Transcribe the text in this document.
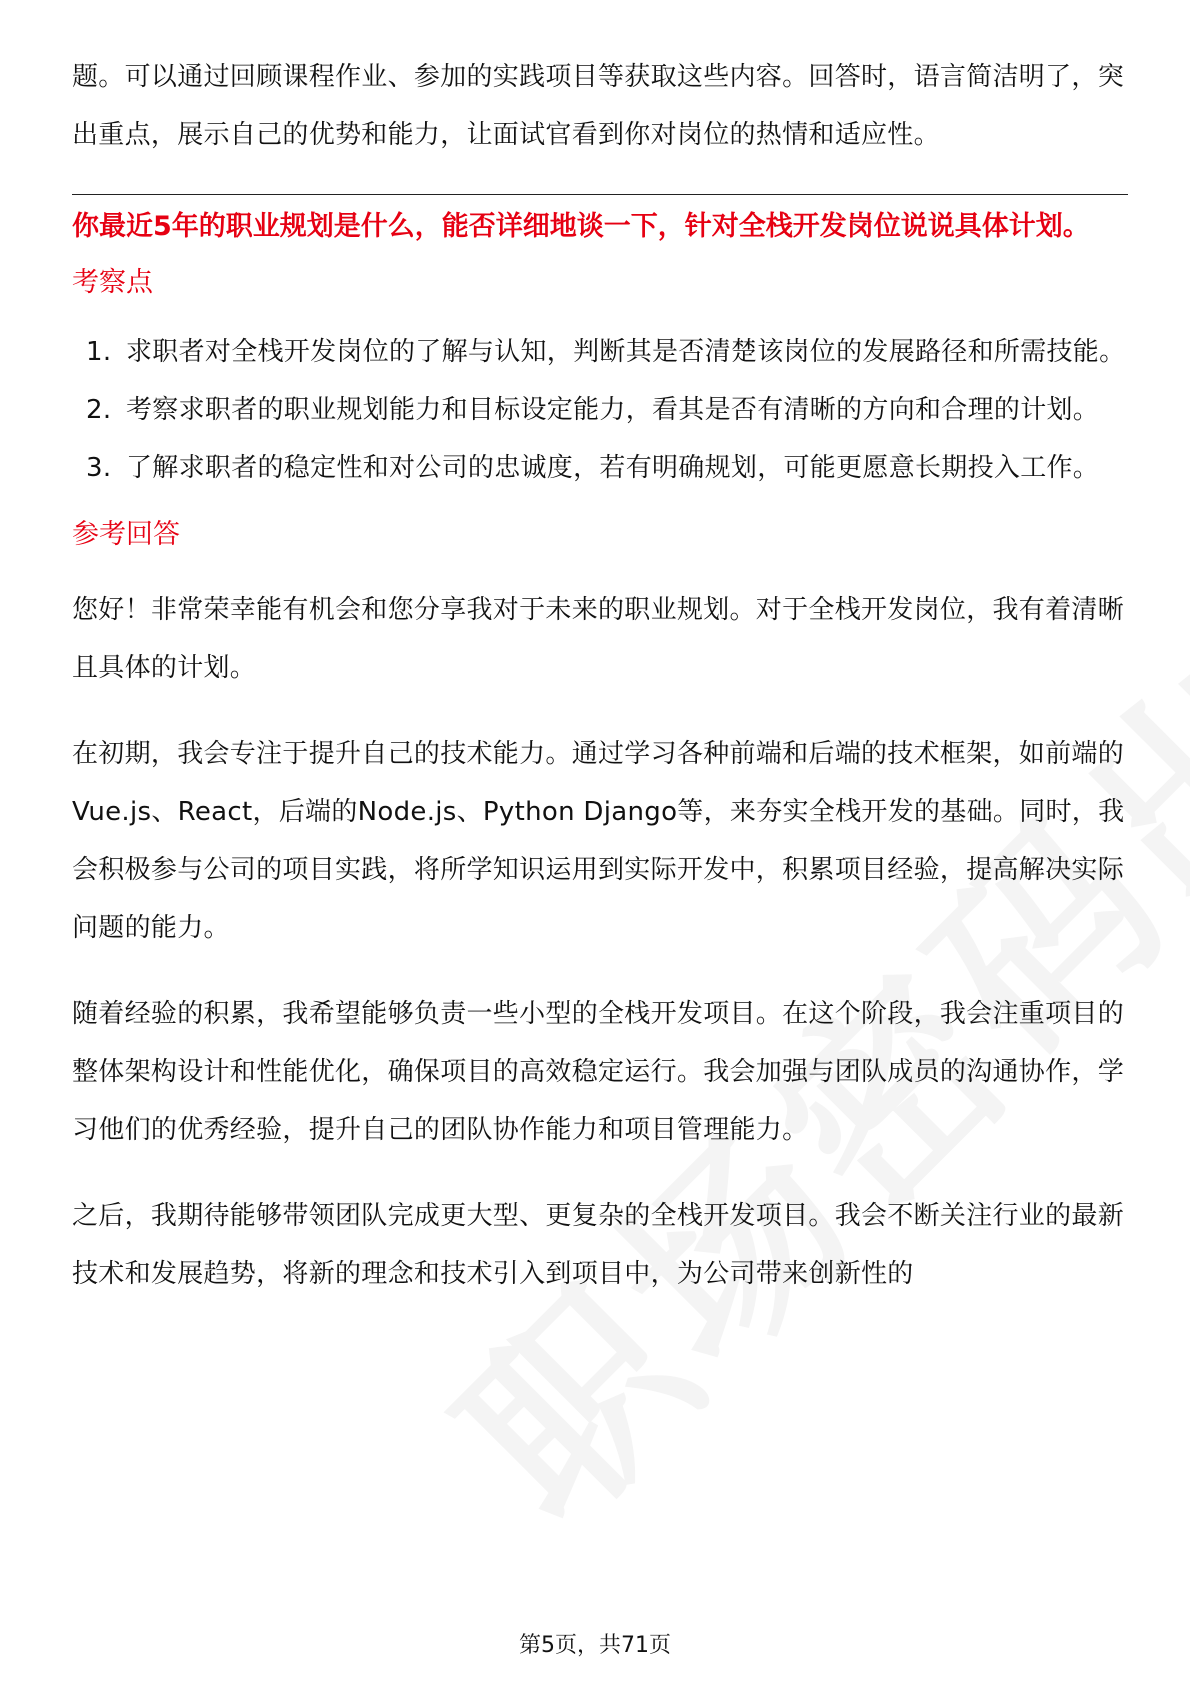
题。可以通过回顾课程作业、参加的实践项目等获取这些内容。回答时，语言简洁明了，突出重点，展示自己的优势和能力，让面试官看到你对岗位的热情和适应性。

你最近5年的职业规划是什么，能否详细地谈一下，针对全栈开发岗位说说具体计划。

考察点

1. 求职者对全栈开发岗位的了解与认知，判断其是否清楚该岗位的发展路径和所需技能。
2. 考察求职者的职业规划能力和目标设定能力，看其是否有清晰的方向和合理的计划。
3. 了解求职者的稳定性和对公司的忠诚度，若有明确规划，可能更愿意长期投入工作。

参考回答

您好！非常荣幸能有机会和您分享我对于未来的职业规划。对于全栈开发岗位，我有着清晰且具体的计划。

在初期，我会专注于提升自己的技术能力。通过学习各种前端和后端的技术框架，如前端的Vue.js、React，后端的Node.js、Python Django等，来夯实全栈开发的基础。同时，我会积极参与公司的项目实践，将所学知识运用到实际开发中，积累项目经验，提高解决实际问题的能力。

随着经验的积累，我希望能够负责一些小型的全栈开发项目。在这个阶段，我会注重项目的整体架构设计和性能优化，确保项目的高效稳定运行。我会加强与团队成员的沟通协作，学习他们的优秀经验，提升自己的团队协作能力和项目管理能力。

之后，我期待能够带领团队完成更大型、更复杂的全栈开发项目。我会不断关注行业的最新技术和发展趋势，将新的理念和技术引入到项目中，为公司带来创新性的

第5页，共71页
